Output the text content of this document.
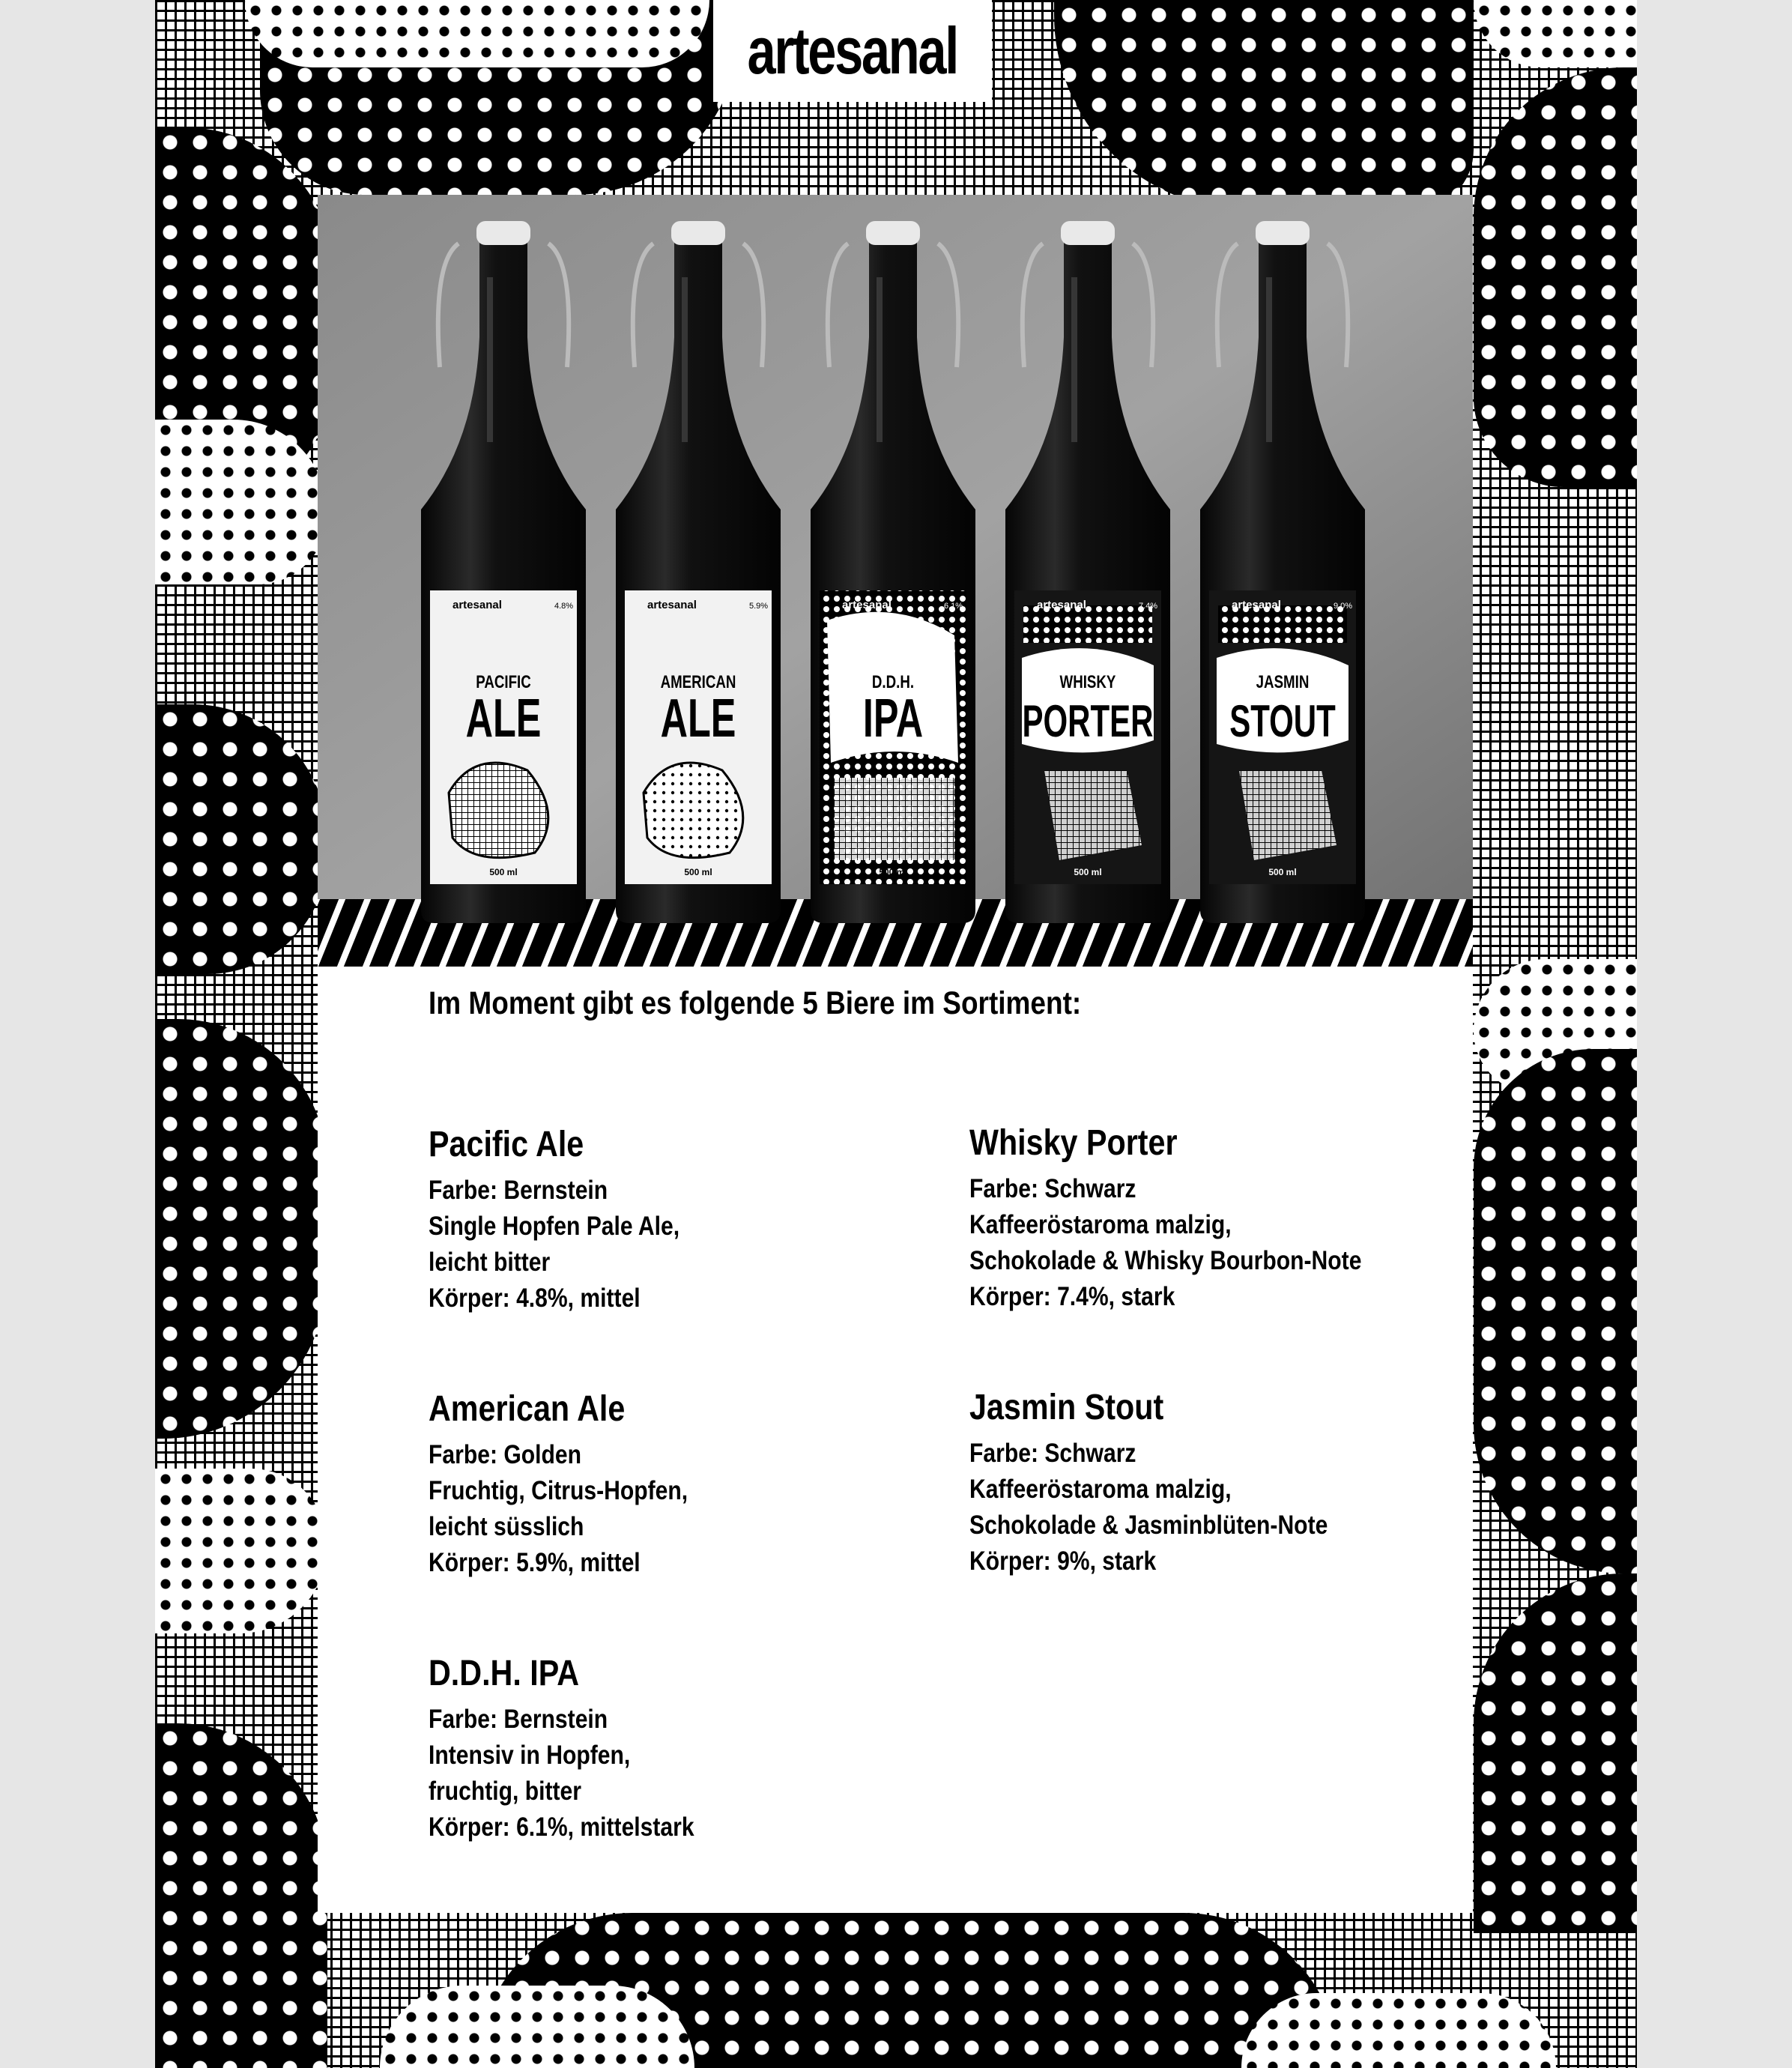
artesanal
artesanal	4.8%
PACIFIC
ALE
500 ml
artesanal	5.9%
AMERICAN
ALE
500 ml
artesanal	6.1%
D.D.H.
IPA
500 ml
artesanal	7.4%
WHISKY
PORTER
500 ml
artesanal	9.0%
JASMIN
STOUT
500 ml

Im Moment gibt es folgende 5 Biere im Sortiment:

Pacific Ale

Farbe: Bernstein

Single Hopfen Pale Ale,

leicht bitter

Körper: 4.8%, mittel

American Ale

Farbe: Golden

Fruchtig, Citrus-Hopfen,

leicht süsslich

Körper: 5.9%, mittel

D.D.H. IPA

Farbe: Bernstein

Intensiv in Hopfen,

fruchtig, bitter

Körper: 6.1%, mittelstark

Whisky Porter

Farbe: Schwarz

Kaffeeröstaroma malzig,

Schokolade & Whisky Bourbon-Note

Körper: 7.4%, stark

Jasmin Stout

Farbe: Schwarz

Kaffeeröstaroma malzig,

Schokolade & Jasminblüten-Note

Körper: 9%, stark
